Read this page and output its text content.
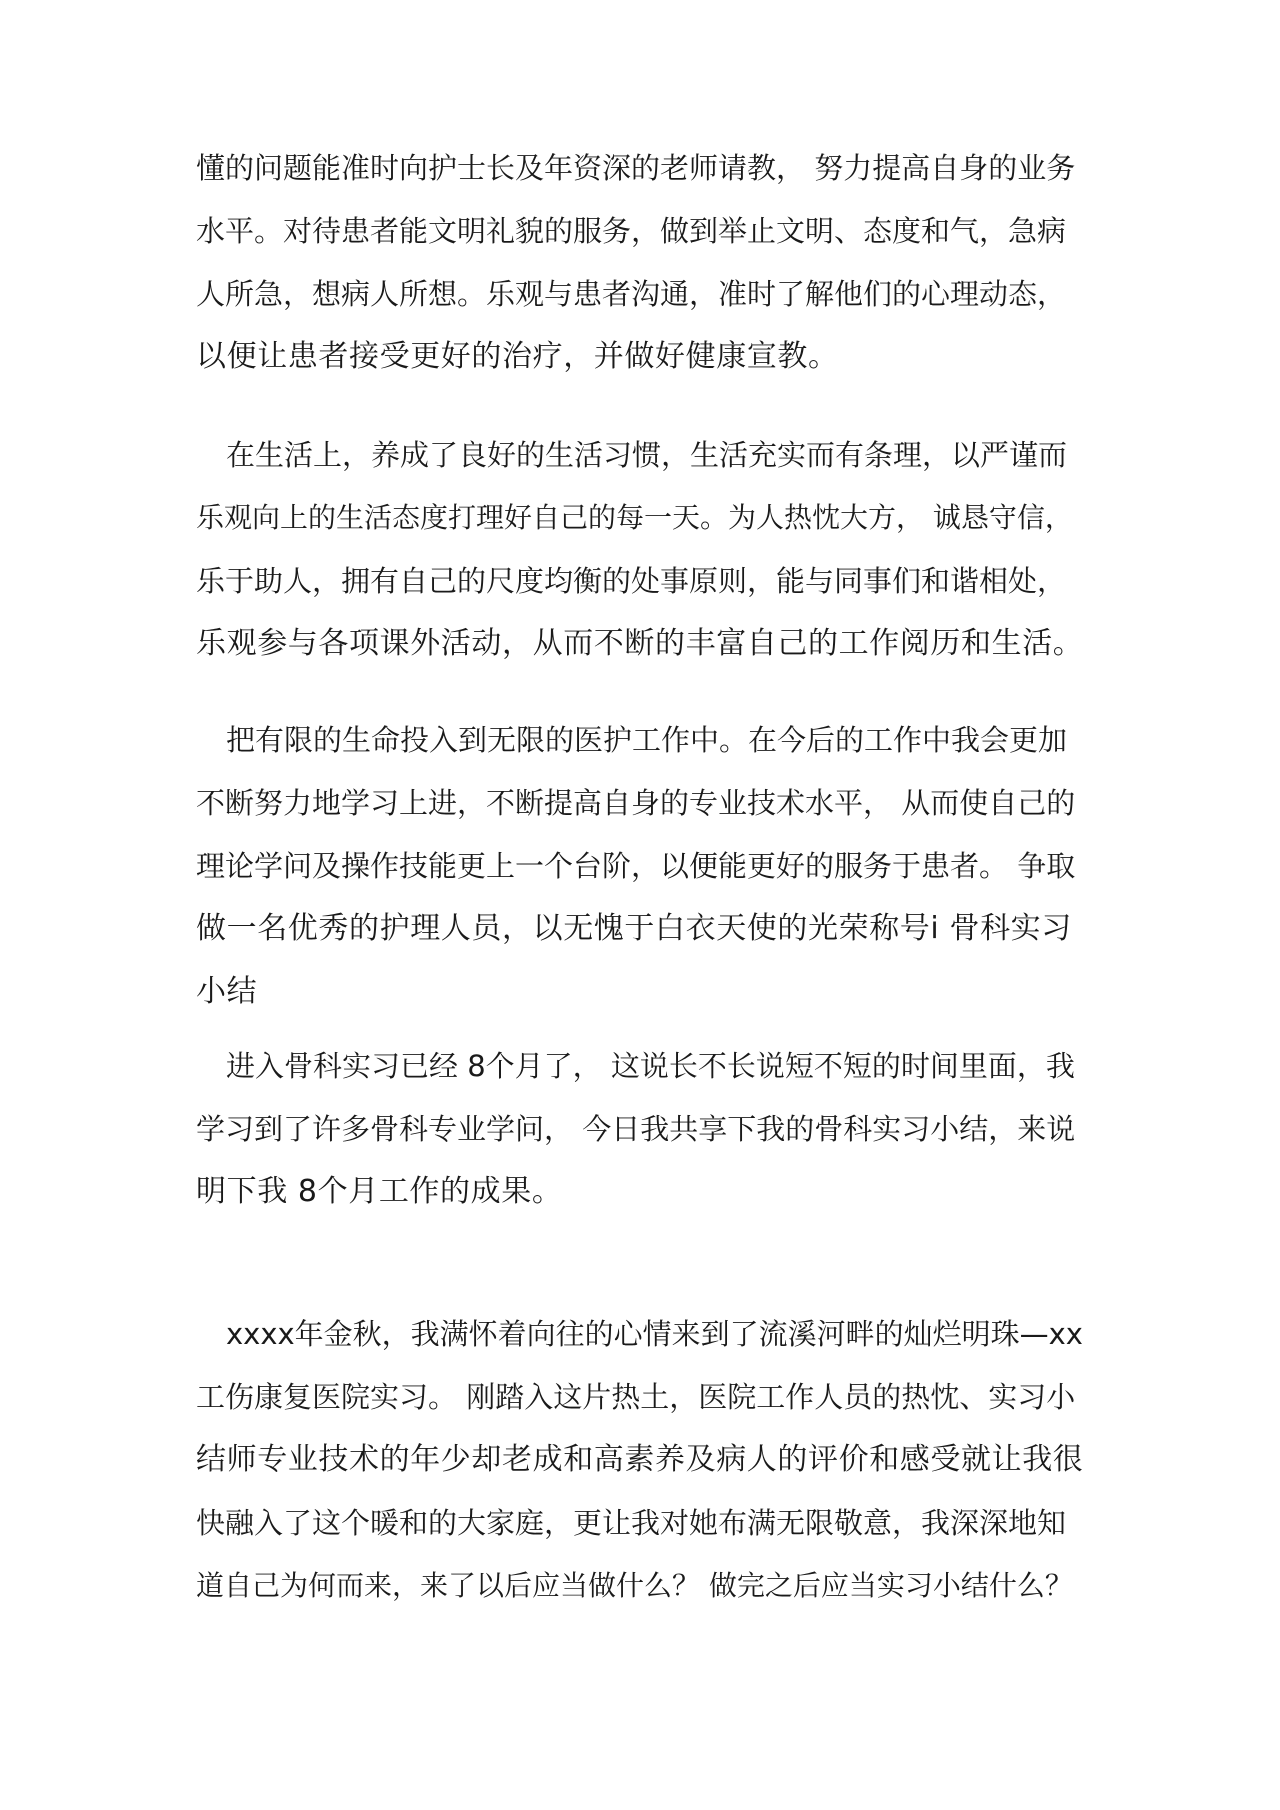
懂的问题能准时向护士长及年资深的老师请教， 努力提高自身的业务
水平。对待患者能文明礼貌的服务，做到举止文明、态度和气，急病
人所急，想病人所想。乐观与患者沟通，准时了解他们的心理动态，
以便让患者接受更好的治疗，并做好健康宣教。
在生活上，养成了良好的生活习惯，生活充实而有条理，以严谨而
乐观向上的生活态度打理好自己的每一天。为人热忱大方， 诚恳守信，
乐于助人，拥有自己的尺度均衡的处事原则，能与同事们和谐相处，
乐观参与各项课外活动，从而不断的丰富自己的工作阅历和生活。
把有限的生命投入到无限的医护工作中。在今后的工作中我会更加
不断努力地学习上进，不断提高自身的专业技术水平， 从而使自己的
理论学问及操作技能更上一个台阶，以便能更好的服务于患者。 争取
做一名优秀的护理人员，以无愧于白衣天使的光荣称号i 骨科实习
小结
进入骨科实习已经 8个月了， 这说长不长说短不短的时间里面，我
学习到了许多骨科专业学问， 今日我共享下我的骨科实习小结，来说
明下我 8个月工作的成果。
xxxx年金秋，我满怀着向往的心情来到了流溪河畔的灿烂明珠—xx
工伤康复医院实习。 刚踏入这片热土，医院工作人员的热忱、实习小
结师专业技术的年少却老成和高素养及病人的评价和感受就让我很
快融入了这个暖和的大家庭，更让我对她布满无限敬意，我深深地知
道自己为何而来，来了以后应当做什么？ 做完之后应当实习小结什么？
